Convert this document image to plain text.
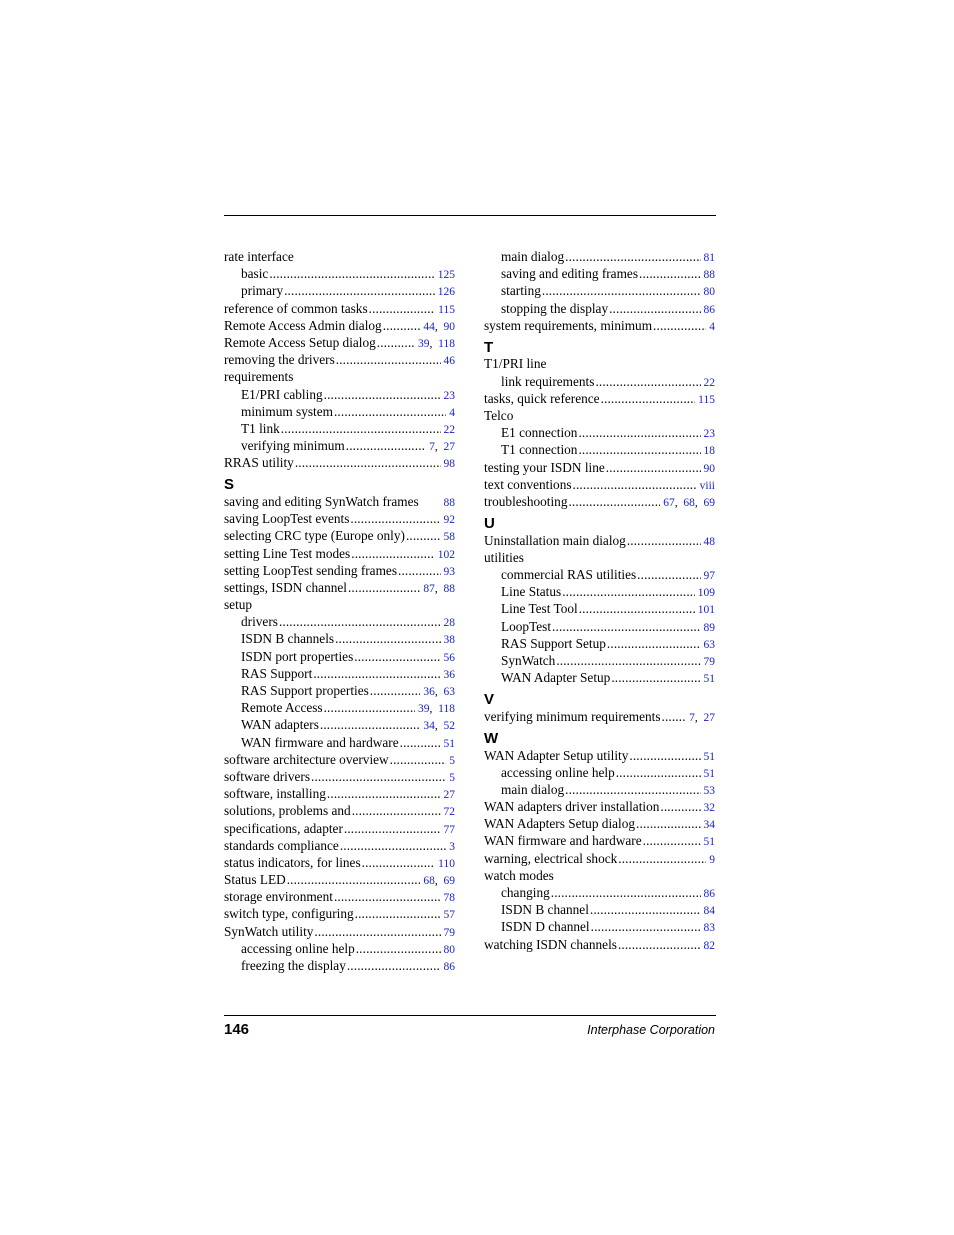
rate interface
basic . . .	125
primary . . .	126
reference of common tasks . . .	115
Remote Access Admin dialog . . .	44,  90
Remote Access Setup dialog . . .	39,  118
removing the drivers . . .	46
requirements
E1/PRI cabling . . .	23
minimum system . . .	4
T1 link . . .	22
verifying minimum . . .	7,  27
RRAS utility . . .	98
S
saving and editing SynWatch frames 88
saving LoopTest events . . .	92
selecting CRC type (Europe only) . . .	58
setting Line Test modes . . .	102
setting LoopTest sending frames . . .	93
settings, ISDN channel . . .	87,  88
setup
drivers . . .	28
ISDN B channels . . .	38
ISDN port properties . . .	56
RAS Support . . .	36
RAS Support properties . . .	36,  63
Remote Access . . .	39,  118
WAN adapters . . .	34,  52
WAN firmware and hardware . . .	51
software architecture overview . . .	5
software drivers . . .	5
software, installing . . .	27
solutions, problems and . . .	72
specifications, adapter . . .	77
standards compliance . . .	3
status indicators, for lines . . .	110
Status LED . . .	68,  69
storage environment . . .	78
switch type, configuring . . .	57
SynWatch utility . . .	79
accessing online help . . .	80
freezing the display . . .	86
main dialog . . .	81
saving and editing frames . . .	88
starting . . .	80
stopping the display . . .	86
system requirements, minimum . . .	4
T
T1/PRI line
link requirements . . .	22
tasks, quick reference . . .	115
Telco
E1 connection . . .	23
T1 connection . . .	18
testing your ISDN line . . .	90
text conventions . . .	viii
troubleshooting . . .	67,  68,  69
U
Uninstallation main dialog . . .	48
utilities
commercial RAS utilities . . .	97
Line Status . . .	109
Line Test Tool . . .	101
LoopTest . . .	89
RAS Support Setup . . .	63
SynWatch . . .	79
WAN Adapter Setup . . .	51
V
verifying minimum requirements . . . 7,  27
W
WAN Adapter Setup utility . . .	51
accessing online help . . .	51
main dialog . . .	53
WAN adapters driver installation . . .	32
WAN Adapters Setup dialog . . .	34
WAN firmware and hardware . . .	51
warning, electrical shock . . .	9
watch modes
changing . . .	86
ISDN B channel . . .	84
ISDN D channel . . .	83
watching ISDN channels . . .	82
146	Interphase Corporation
